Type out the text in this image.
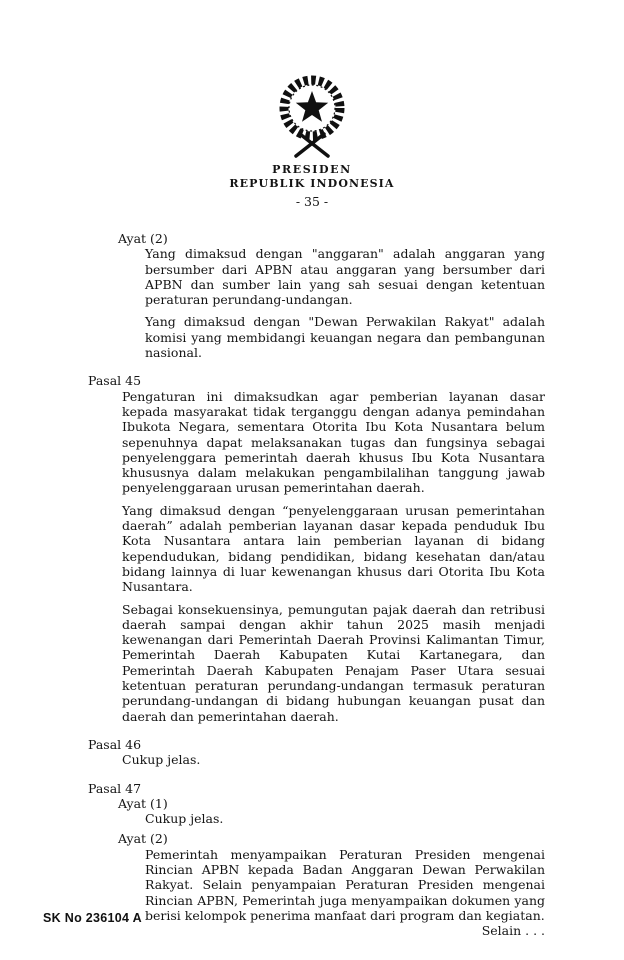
PRESIDEN
REPUBLIK INDONESIA
- 35 -
Ayat (2)
Yang dimaksud dengan "anggaran" adalah anggaran yang bersumber dari APBN atau anggaran yang bersumber dari APBN dan sumber lain yang sah sesuai dengan ketentuan peraturan perundang-undangan.
Yang dimaksud dengan "Dewan Perwakilan Rakyat" adalah komisi yang membidangi keuangan negara dan pembangunan nasional.
Pasal 45
Pengaturan ini dimaksudkan agar pemberian layanan dasar kepada masyarakat tidak terganggu dengan adanya pemindahan Ibukota Negara, sementara Otorita Ibu Kota Nusantara belum sepenuhnya dapat melaksanakan tugas dan fungsinya sebagai penyelenggara pemerintah daerah khusus Ibu Kota Nusantara khususnya dalam melakukan pengambilalihan tanggung jawab penyelenggaraan urusan pemerintahan daerah.
Yang dimaksud dengan “penyelenggaraan urusan pemerintahan daerah” adalah pemberian layanan dasar kepada penduduk Ibu Kota Nusantara antara lain pemberian layanan di bidang kependudukan, bidang pendidikan, bidang kesehatan dan/atau bidang lainnya di luar kewenangan khusus dari Otorita Ibu Kota Nusantara.
Sebagai konsekuensinya, pemungutan pajak daerah dan retribusi daerah sampai dengan akhir tahun 2025 masih menjadi kewenangan dari Pemerintah Daerah Provinsi Kalimantan Timur, Pemerintah Daerah Kabupaten Kutai Kartanegara, dan Pemerintah Daerah Kabupaten Penajam Paser Utara sesuai ketentuan peraturan perundang-undangan termasuk peraturan perundang-undangan di bidang hubungan keuangan pusat dan daerah dan pemerintahan daerah.
Pasal 46
Cukup jelas.
Pasal 47
Ayat (1)
Cukup jelas.
Ayat (2)
Pemerintah menyampaikan Peraturan Presiden mengenai Rincian APBN kepada Badan Anggaran Dewan Perwakilan Rakyat. Selain penyampaian Peraturan Presiden mengenai Rincian APBN, Pemerintah juga menyampaikan dokumen yang berisi kelompok penerima manfaat dari program dan kegiatan.
Selain . . .
SK No 236104 A
